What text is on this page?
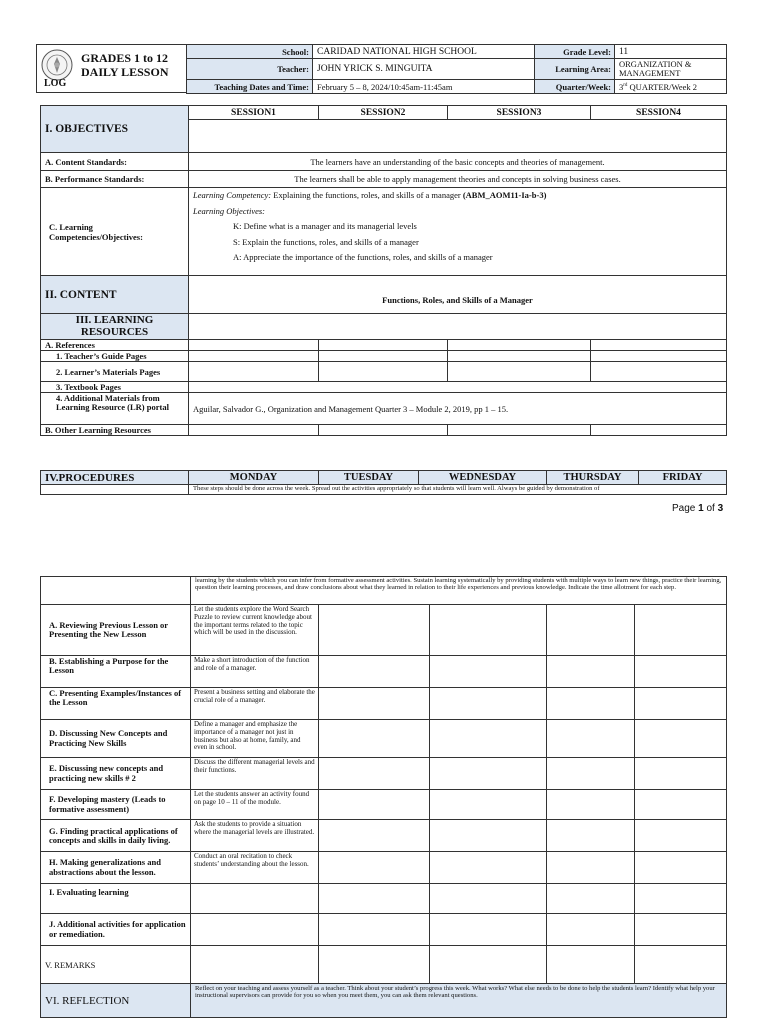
LOG
GRADES 1 to 12
DAILY LESSON
School:	CARIDAD NATIONAL HIGH SCHOOL	Grade Level:	11
Teacher:	JOHN YRICK S. MINGUITA	Learning Area:	ORGANIZATION & MANAGEMENT
Teaching Dates and Time:	February 5 – 8, 2024/10:45am-11:45am	Quarter/Week:	3rd QUARTER/Week 2
I. OBJECTIVES	SESSION1	SESSION2	SESSION3	SESSION4

A. Content Standards:	The learners have an understanding of the basic concepts and theories of management.			
B. Performance Standards:	The learners shall be able to apply management theories and concepts in solving business cases.			
C. Learning Competencies/Objectives:	Learning Competency: Explaining the functions, roles, and skills of a manager (ABM_AOM11-Ia-b-3)
Learning Objectives:
K: Define what is a manager and its managerial levels
S: Explain the functions, roles, and skills of a manager
A: Appreciate the importance of the functions, roles, and skills of a manager			

II. CONTENT	Functions, Roles, and Skills of a Manager			
III. LEARNING RESOURCES				
A. References				
1. Teacher’s Guide Pages				
2. Learner’s Materials Pages				
3. Textbook Pages				
4. Additional Materials from Learning Resource (LR) portal	Aguilar, Salvador G., Organization and Management Quarter 3 – Module 2, 2019, pp 1 – 15.			
B. Other Learning Resources				
IV.PROCEDURES	MONDAY	TUESDAY	WEDNESDAY	THURSDAY	FRIDAY
	These steps should be done across the week. Spread out the activities appropriately so that students will learn well. Always be guided by demonstration of				
Page 1 of 3
	learning by the students which you can infer from formative assessment activities. Sustain learning systematically by providing students with multiple ways to learn new things, practice their learning, question their learning processes, and draw conclusions about what they learned in relation to their life experiences and previous knowledge. Indicate the time allotment for each step.				
A. Reviewing Previous Lesson or Presenting the New Lesson	Let the students explore the Word Search Puzzle to review current knowledge about the important terms related to the topic which will be used in the discussion.				
B. Establishing a Purpose for the Lesson	Make a short introduction of the function and role of a manager.				
C. Presenting Examples/Instances of the Lesson	Present a business setting and elaborate the crucial role of a manager.				
D. Discussing New Concepts and Practicing New Skills	Define a manager and emphasize the importance of a manager not just in business but also at home, family, and even in school.				
E. Discussing new concepts and practicing new skills # 2	Discuss the different managerial levels and their functions.				
F. Developing mastery (Leads to formative assessment)	Let the students answer an activity found on page 10 – 11 of the module.				
G. Finding practical applications of concepts and skills in daily living.	Ask the students to provide a situation where the managerial levels are illustrated.				
H. Making generalizations and abstractions about the lesson.	Conduct an oral recitation to check students’ understanding about the lesson.				
I. Evaluating learning					
J. Additional activities for application or remediation.					
V. REMARKS					
VI. REFLECTION	Reflect on your teaching and assess yourself as a teacher. Think about your student’s progress this week. What works? What else needs to be done to help the students learn? Identify what help your instructional supervisors can provide for you so when you meet them, you can ask them relevant questions.				
